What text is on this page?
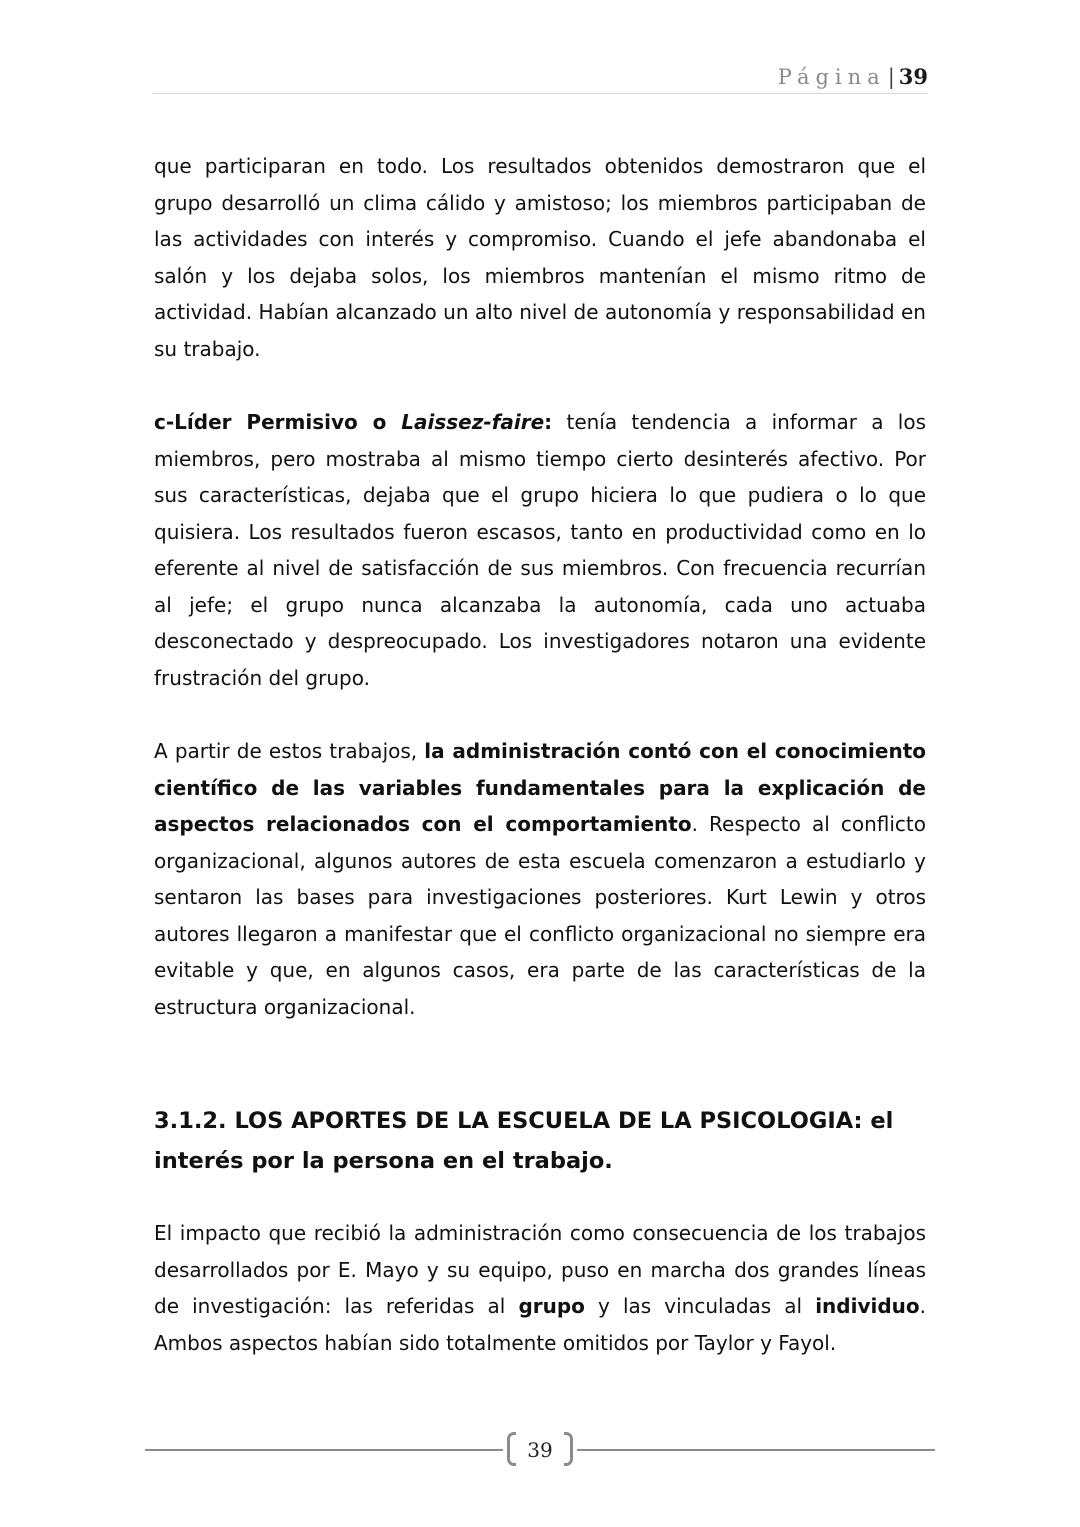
Página| 39

que participaran en todo. Los resultados obtenidos demostraron que el grupo desarrolló un clima cálido y amistoso; los miembros participaban de las actividades con interés y compromiso. Cuando el jefe abandonaba el salón y los dejaba solos, los miembros mantenían el mismo ritmo de actividad. Habían alcanzado un alto nivel de autonomía y responsabilidad en su trabajo.

c-Líder Permisivo o Laissez-faire: tenía tendencia a informar a los miembros, pero mostraba al mismo tiempo cierto desinterés afectivo. Por sus características, dejaba que el grupo hiciera lo que pudiera o lo que quisiera. Los resultados fueron escasos, tanto en productividad como en lo eferente al nivel de satisfacción de sus miembros. Con frecuencia recurrían al jefe; el grupo nunca alcanzaba la autonomía, cada uno actuaba desconectado y despreocupado. Los investigadores notaron una evidente frustración del grupo.

A partir de estos trabajos, la administración contó con el conocimiento científico de las variables fundamentales para la explicación de aspectos relacionados con el comportamiento. Respecto al conflicto organizacional, algunos autores de esta escuela comenzaron a estudiarlo y sentaron las bases para investigaciones posteriores. Kurt Lewin y otros autores llegaron a manifestar que el conflicto organizacional no siempre era evitable y que, en algunos casos, era parte de las características de la estructura organizacional.

3.1.2. LOS APORTES DE LA ESCUELA DE LA PSICOLOGIA: el interés por la persona en el trabajo.

El impacto que recibió la administración como consecuencia de los trabajos desarrollados por E. Mayo y su equipo, puso en marcha dos grandes líneas de investigación: las referidas al grupo y las vinculadas al individuo. Ambos aspectos habían sido totalmente omitidos por Taylor y Fayol.

39
